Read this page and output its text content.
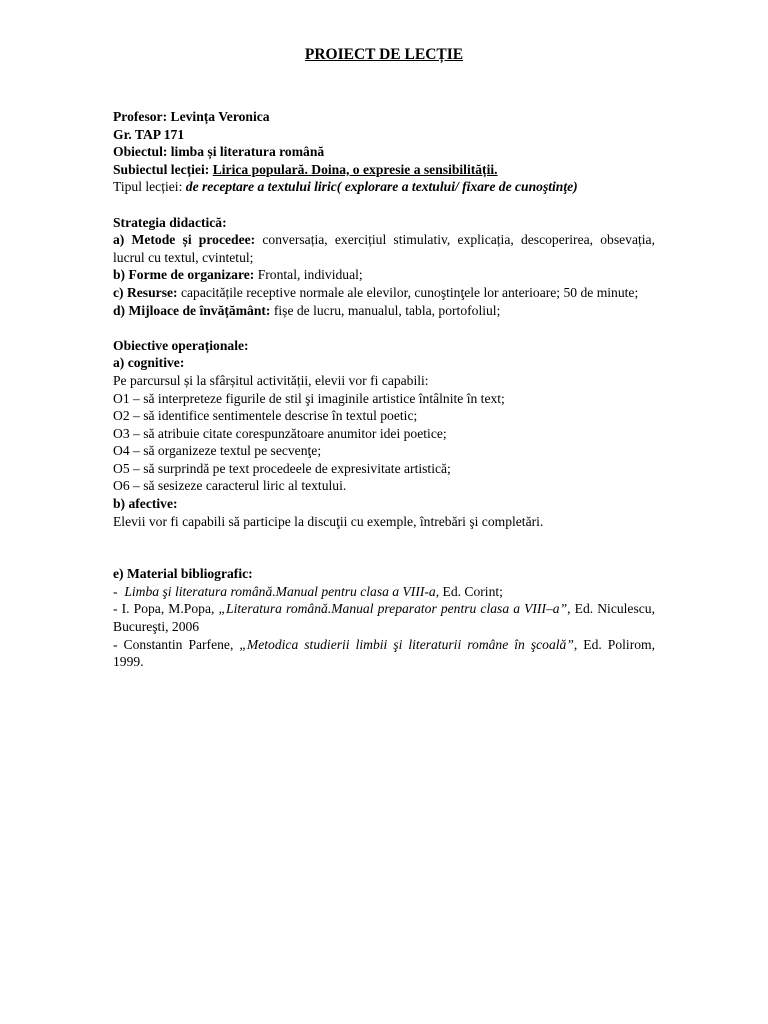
PROIECT DE LECȚIE
Profesor: Levința Veronica
Gr. TAP 171
Obiectul: limba și literatura română
Subiectul lecției: Lirica populară. Doina, o expresie a sensibilității.
Tipul lecției: de receptare a textului liric( explorare a textului/ fixare de cunoştinţe)
Strategia didactică:

a) Metode și procedee: conversația, exercițiul stimulativ, explicația, descoperirea, obsevația, lucrul cu textul, cvintetul;

b) Forme de organizare: Frontal, individual;

c) Resurse: capacitățile receptive normale ale elevilor, cunoştinţele lor anterioare; 50 de minute;

d) Mijloace de învățământ: fișe de lucru, manualul, tabla, portofoliul;
Obiective operaționale:
a) cognitive:
Pe parcursul și la sfârșitul activității, elevii vor fi capabili:
O1 – să interpreteze figurile de stil şi imaginile artistice întâlnite în text;
O2 – să identifice sentimentele descrise în textul poetic;
O3 – să atribuie citate corespunzătoare anumitor idei poetice;
O4 – să organizeze textul pe secvenţe;
O5 – să surprindă pe text procedeele de expresivitate artistică;
O6 – să sesizeze caracterul liric al textului.
b) afective:
Elevii vor fi capabili să participe la discuţii cu exemple, întrebări şi completări.
e) Material bibliografic:
-  Limba şi literatura română.Manual pentru clasa a VIII-a, Ed. Corint;

- I. Popa, M.Popa, „Literatura română.Manual preparator pentru clasa a VIII–a”, Ed. Niculescu, Bucureşti, 2006

- Constantin Parfene, „Metodica studierii limbii şi literaturii române în şcoală”, Ed. Polirom, 1999.
